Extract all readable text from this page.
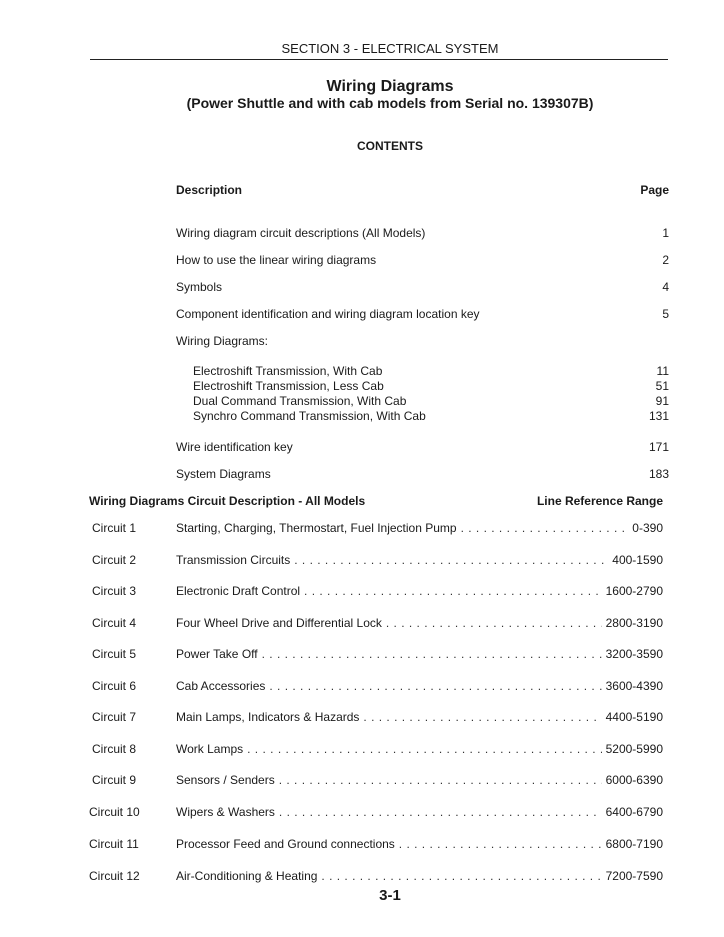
SECTION 3 - ELECTRICAL SYSTEM
Wiring Diagrams
(Power Shuttle and with cab models from Serial no. 139307B)
CONTENTS
Description	Page
Wiring diagram circuit descriptions (All Models)	1
How to use the linear wiring diagrams	2
Symbols	4
Component identification and wiring diagram location key	5
Wiring Diagrams:
Electroshift Transmission, With Cab	11
Electroshift Transmission, Less Cab	51
Dual Command Transmission, With Cab	91
Synchro Command Transmission, With Cab	131
Wire identification key	171
System Diagrams	183
Wiring Diagrams Circuit Description - All Models	Line Reference Range
Circuit 1	Starting, Charging, Thermostart, Fuel Injection Pump . . .	0-390
Circuit 2	Transmission Circuits . . .	400-1590
Circuit 3	Electronic Draft Control . . .	1600-2790
Circuit 4	Four Wheel Drive and Differential Lock . . .	2800-3190
Circuit 5	Power Take Off . . .	3200-3590
Circuit 6	Cab Accessories . . .	3600-4390
Circuit 7	Main Lamps, Indicators & Hazards . . .	4400-5190
Circuit 8	Work Lamps . . .	5200-5990
Circuit 9	Sensors / Senders . . .	6000-6390
Circuit 10	Wipers & Washers . . .	6400-6790
Circuit 11	Processor Feed and Ground connections . . .	6800-7190
Circuit 12	Air-Conditioning & Heating . . .	7200-7590
3-1
